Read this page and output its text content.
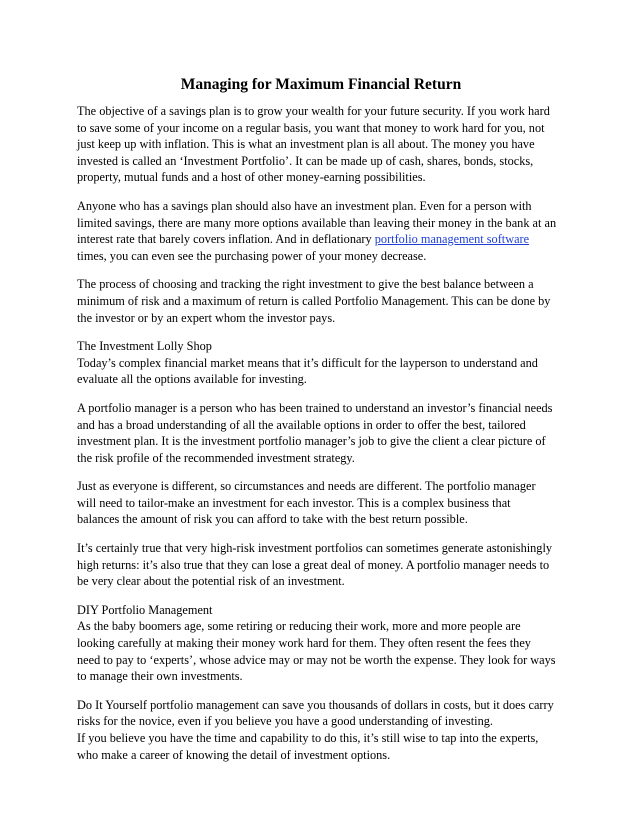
Managing for Maximum Financial Return
The objective of a savings plan is to grow your wealth for your future security. If you work hard
to save some of your income on a regular basis, you want that money to work hard for you, not
just keep up with inflation. This is what an investment plan is all about. The money you have
invested is called an ‘Investment Portfolio’. It can be made up of cash, shares, bonds, stocks,
property, mutual funds and a host of other money-earning possibilities.
Anyone who has a savings plan should also have an investment plan. Even for a person with
limited savings, there are many more options available than leaving their money in the bank at an
interest rate that barely covers inflation. And in deflationary portfolio management software
times, you can even see the purchasing power of your money decrease.
The process of choosing and tracking the right investment to give the best balance between a
minimum of risk and a maximum of return is called Portfolio Management. This can be done by
the investor or by an expert whom the investor pays.
The Investment Lolly Shop
Today’s complex financial market means that it’s difficult for the layperson to understand and
evaluate all the options available for investing.
A portfolio manager is a person who has been trained to understand an investor’s financial needs
and has a broad understanding of all the available options in order to offer the best, tailored
investment plan. It is the investment portfolio manager’s job to give the client a clear picture of
the risk profile of the recommended investment strategy.
Just as everyone is different, so circumstances and needs are different. The portfolio manager
will need to tailor-make an investment for each investor. This is a complex business that
balances the amount of risk you can afford to take with the best return possible.
It’s certainly true that very high-risk investment portfolios can sometimes generate astonishingly
high returns: it’s also true that they can lose a great deal of money. A portfolio manager needs to
be very clear about the potential risk of an investment.
DIY Portfolio Management
As the baby boomers age, some retiring or reducing their work, more and more people are
looking carefully at making their money work hard for them. They often resent the fees they
need to pay to ‘experts’, whose advice may or may not be worth the expense. They look for ways
to manage their own investments.
Do It Yourself portfolio management can save you thousands of dollars in costs, but it does carry
risks for the novice, even if you believe you have a good understanding of investing.
If you believe you have the time and capability to do this, it’s still wise to tap into the experts,
who make a career of knowing the detail of investment options.
